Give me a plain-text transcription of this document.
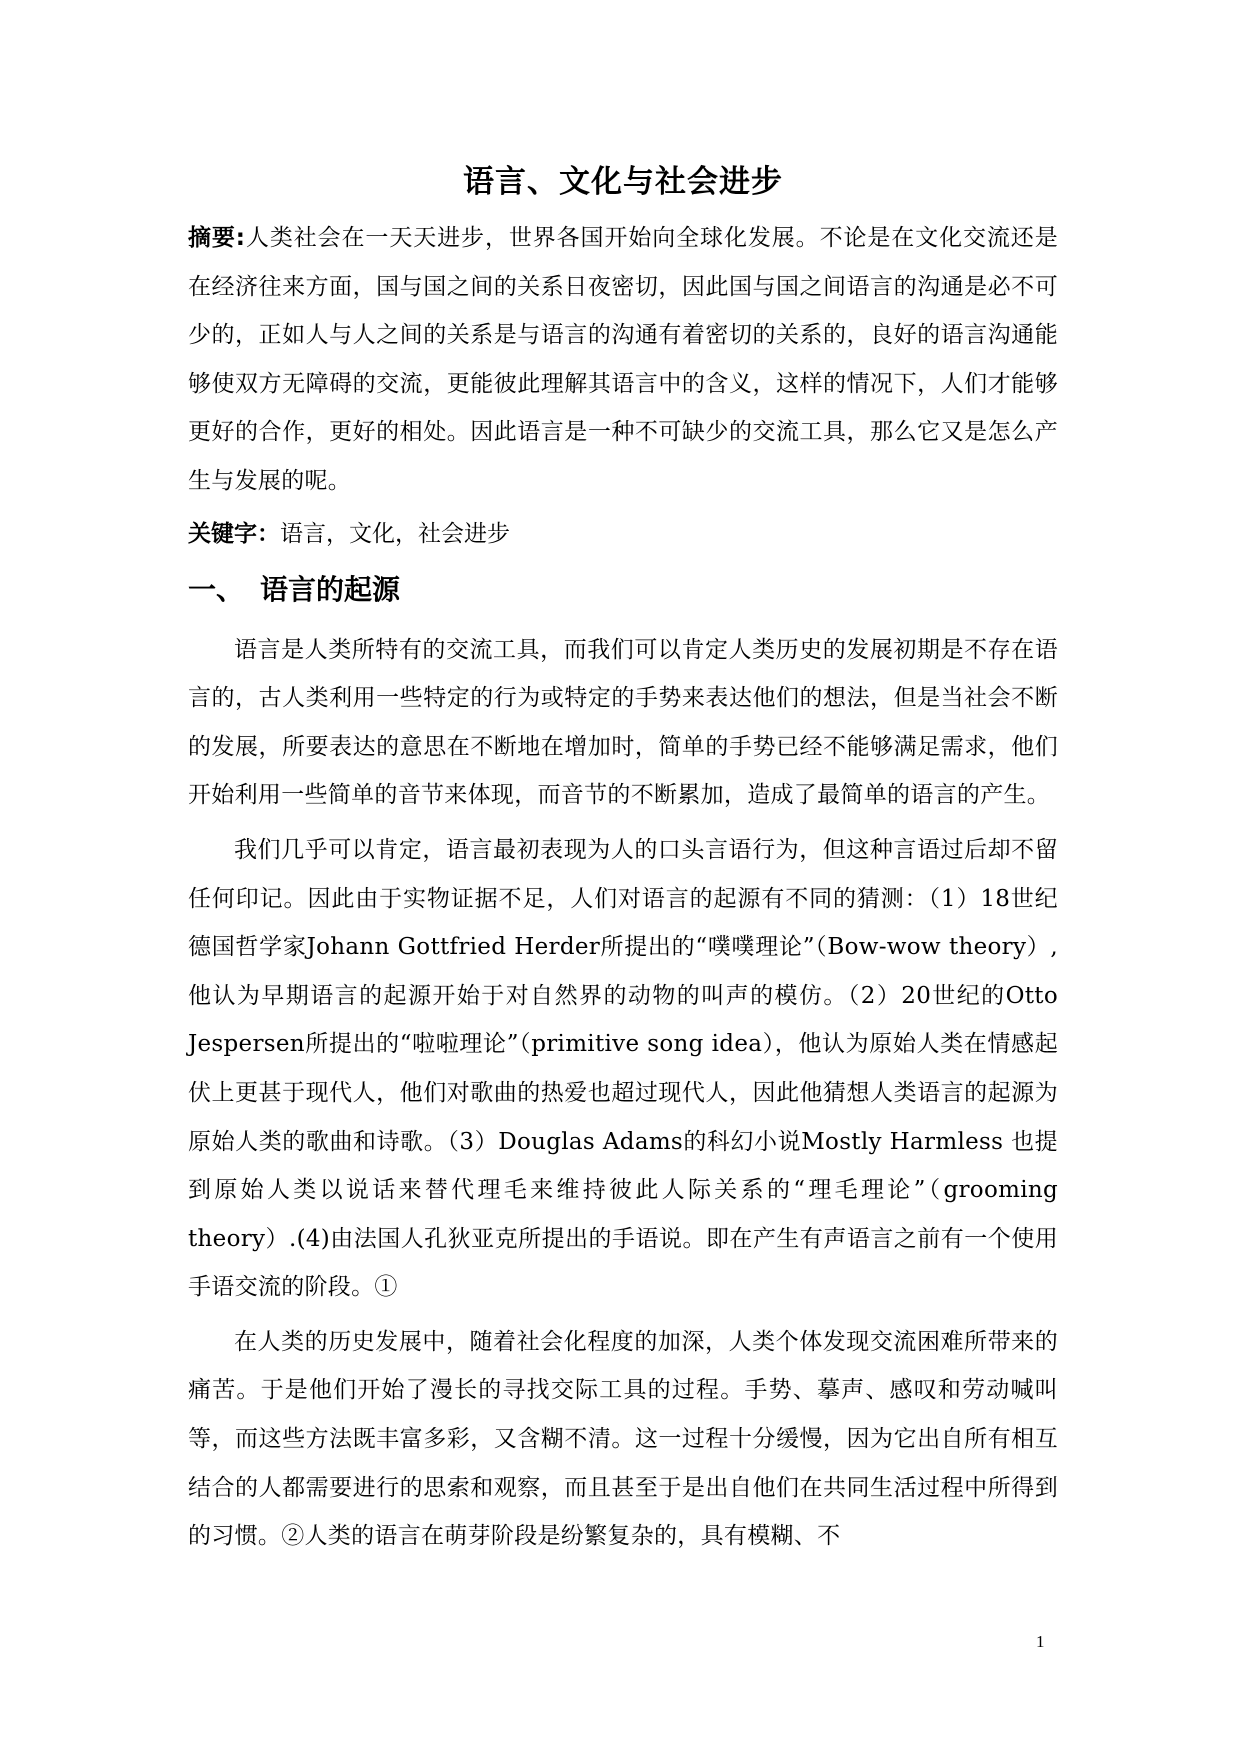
语言、文化与社会进步

摘要:人类社会在一天天进步，世界各国开始向全球化发展。不论是在文化交流还是在经济往来方面，国与国之间的关系日夜密切，因此国与国之间语言的沟通是必不可少的，正如人与人之间的关系是与语言的沟通有着密切的关系的，良好的语言沟通能够使双方无障碍的交流，更能彼此理解其语言中的含义，这样的情况下，人们才能够更好的合作，更好的相处。因此语言是一种不可缺少的交流工具，那么它又是怎么产生与发展的呢。

关键字：语言，文化，社会进步

一、 语言的起源

语言是人类所特有的交流工具，而我们可以肯定人类历史的发展初期是不存在语言的，古人类利用一些特定的行为或特定的手势来表达他们的想法，但是当社会不断的发展，所要表达的意思在不断地在增加时，简单的手势已经不能够满足需求，他们开始利用一些简单的音节来体现，而音节的不断累加，造成了最简单的语言的产生。

我们几乎可以肯定，语言最初表现为人的口头言语行为，但这种言语过后却不留任何印记。因此由于实物证据不足，人们对语言的起源有不同的猜测：（1）18世纪德国哲学家Johann Gottfried Herder所提出的“噗噗理论”（Bow-wow theory）,他认为早期语言的起源开始于对自然界的动物的叫声的模仿。（2）20世纪的Otto Jespersen所提出的“啦啦理论”（primitive song idea），他认为原始人类在情感起伏上更甚于现代人，他们对歌曲的热爱也超过现代人，因此他猜想人类语言的起源为原始人类的歌曲和诗歌。（3）Douglas Adams的科幻小说Mostly Harmless 也提到原始人类以说话来替代理毛来维持彼此人际关系的“理毛理论”（grooming theory）.(4)由法国人孔狄亚克所提出的手语说。即在产生有声语言之前有一个使用手语交流的阶段。①

在人类的历史发展中，随着社会化程度的加深，人类个体发现交流困难所带来的痛苦。于是他们开始了漫长的寻找交际工具的过程。手势、摹声、感叹和劳动喊叫等，而这些方法既丰富多彩，又含糊不清。这一过程十分缓慢，因为它出自所有相互结合的人都需要进行的思索和观察，而且甚至于是出自他们在共同生活过程中所得到的习惯。②人类的语言在萌芽阶段是纷繁复杂的，具有模糊、不

1
